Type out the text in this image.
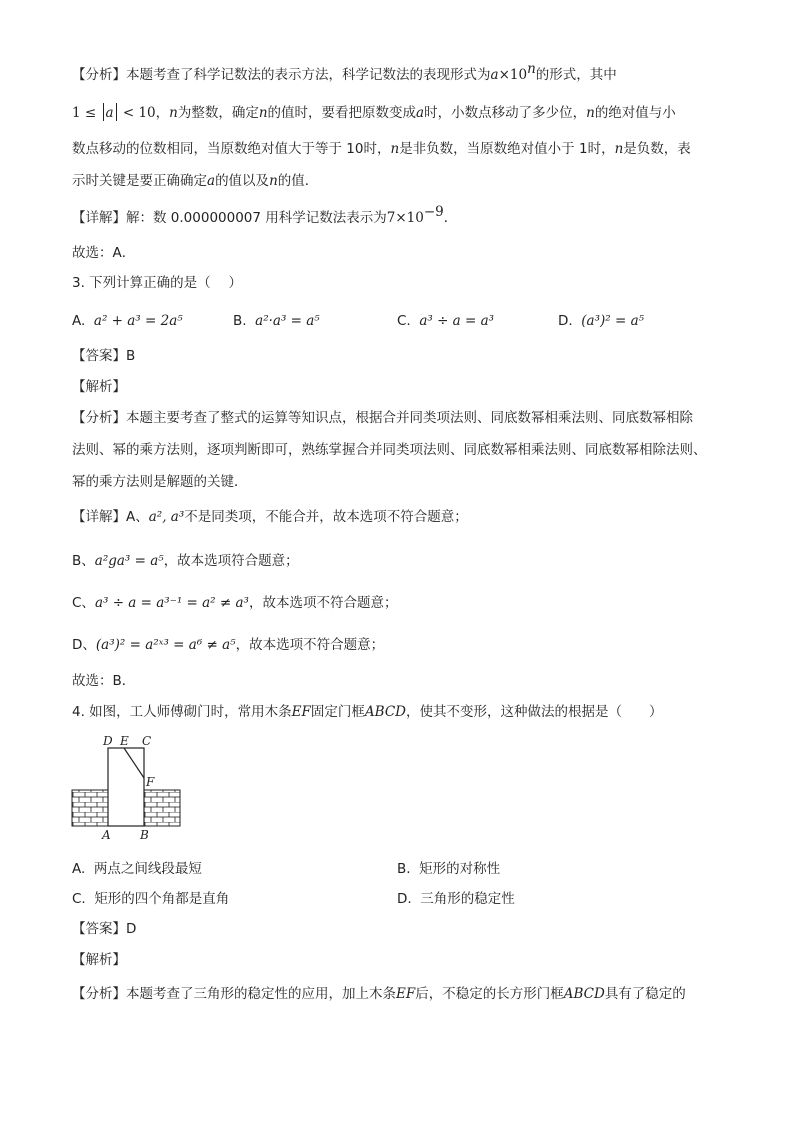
【分析】本题考查了科学记数法的表示方法，科学记数法的表现形式为$a\times 10^n$的形式，其中
1 ≤ a < 10，n为整数，确定n的值时，要看把原数变成a时，小数点移动了多少位，n的绝对值与小
数点移动的位数相同，当原数绝对值大于等于 10时，n是非负数，当原数绝对值小于 1时，n是负数，表
示时关键是要正确确定a的值以及n的值．
【详解】解：数 0.000000007 用科学记数法表示为$7\times 10^{-9}$．
故选：A．
3. 下列计算正确的是（　 ）
A. a² + a³ = 2a⁵	B. a²·a³ = a⁵	C. a³ ÷ a = a³	D. (a³)² = a⁵
【答案】B
【解析】
【分析】本题主要考查了整式的运算等知识点，根据合并同类项法则、同底数幂相乘法则、同底数幂相除
法则、幂的乘方法则，逐项判断即可，熟练掌握合并同类项法则、同底数幂相乘法则、同底数幂相除法则、
幂的乘方法则是解题的关键．
【详解】A、a², a³不是同类项，不能合并，故本选项不符合题意；
B、a²ga³ = a⁵，故本选项符合题意；
C、a³ ÷ a = a³⁻¹ = a² ≠ a³，故本选项不符合题意；
D、(a³)² = a²ˣ³ = a⁶ ≠ a⁵，故本选项不符合题意；
故选：B．
4. 如图，工人师傅砌门时，常用木条EF固定门框ABCD，使其不变形，这种做法的根据是（　　）
D E C
F
A B
A. 两点之间线段最短	B. 矩形的对称性
C. 矩形的四个角都是直角	D. 三角形的稳定性
【答案】D
【解析】
【分析】本题考查了三角形的稳定性的应用，加上木条EF后，不稳定的长方形门框ABCD具有了稳定的
